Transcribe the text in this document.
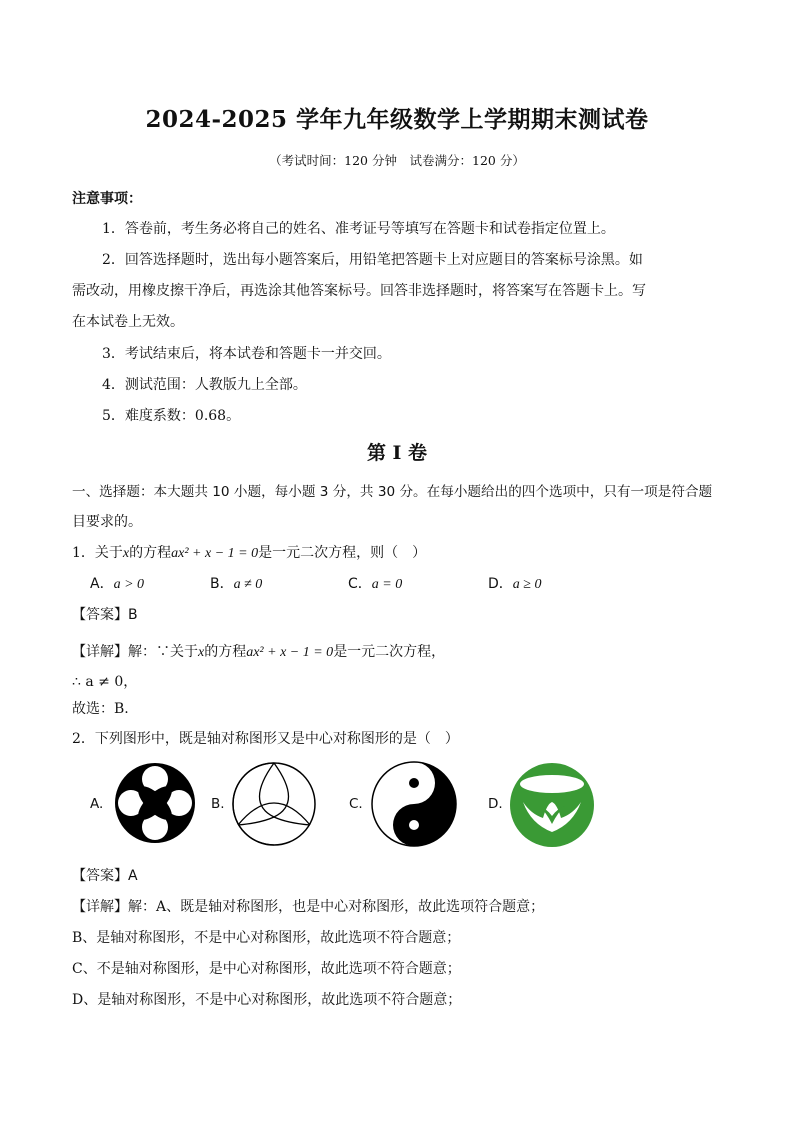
2024-2025 学年九年级数学上学期期末测试卷
（考试时间：120 分钟　试卷满分：120 分）
注意事项：
1．答卷前，考生务必将自己的姓名、准考证号等填写在答题卡和试卷指定位置上。
2．回答选择题时，选出每小题答案后，用铅笔把答题卡上对应题目的答案标号涂黑。如
需改动，用橡皮擦干净后，再选涂其他答案标号。回答非选择题时，将答案写在答题卡上。写
在本试卷上无效。
3．考试结束后，将本试卷和答题卡一并交回。
4．测试范围：人教版九上全部。
5．难度系数：0.68。
第 Ⅰ 卷
一、选择题：本大题共 10 小题，每小题 3 分，共 30 分。在每小题给出的四个选项中，只有一项是符合题
目要求的。
1．关于x的方程ax² + x − 1 = 0是一元二次方程，则（　）
A．a > 0	B．a ≠ 0	C．a = 0	D．a ≥ 0
【答案】B
【详解】解：∵关于x的方程ax² + x − 1 = 0是一元二次方程，
∴ a ≠ 0，
故选：B.
2．下列图形中，既是轴对称图形又是中心对称图形的是（　）
A.	B.	C.	D.
【答案】A
【详解】解：A、既是轴对称图形，也是中心对称图形，故此选项符合题意；
B、是轴对称图形，不是中心对称图形，故此选项不符合题意；
C、不是轴对称图形，是中心对称图形，故此选项不符合题意；
D、是轴对称图形，不是中心对称图形，故此选项不符合题意；
